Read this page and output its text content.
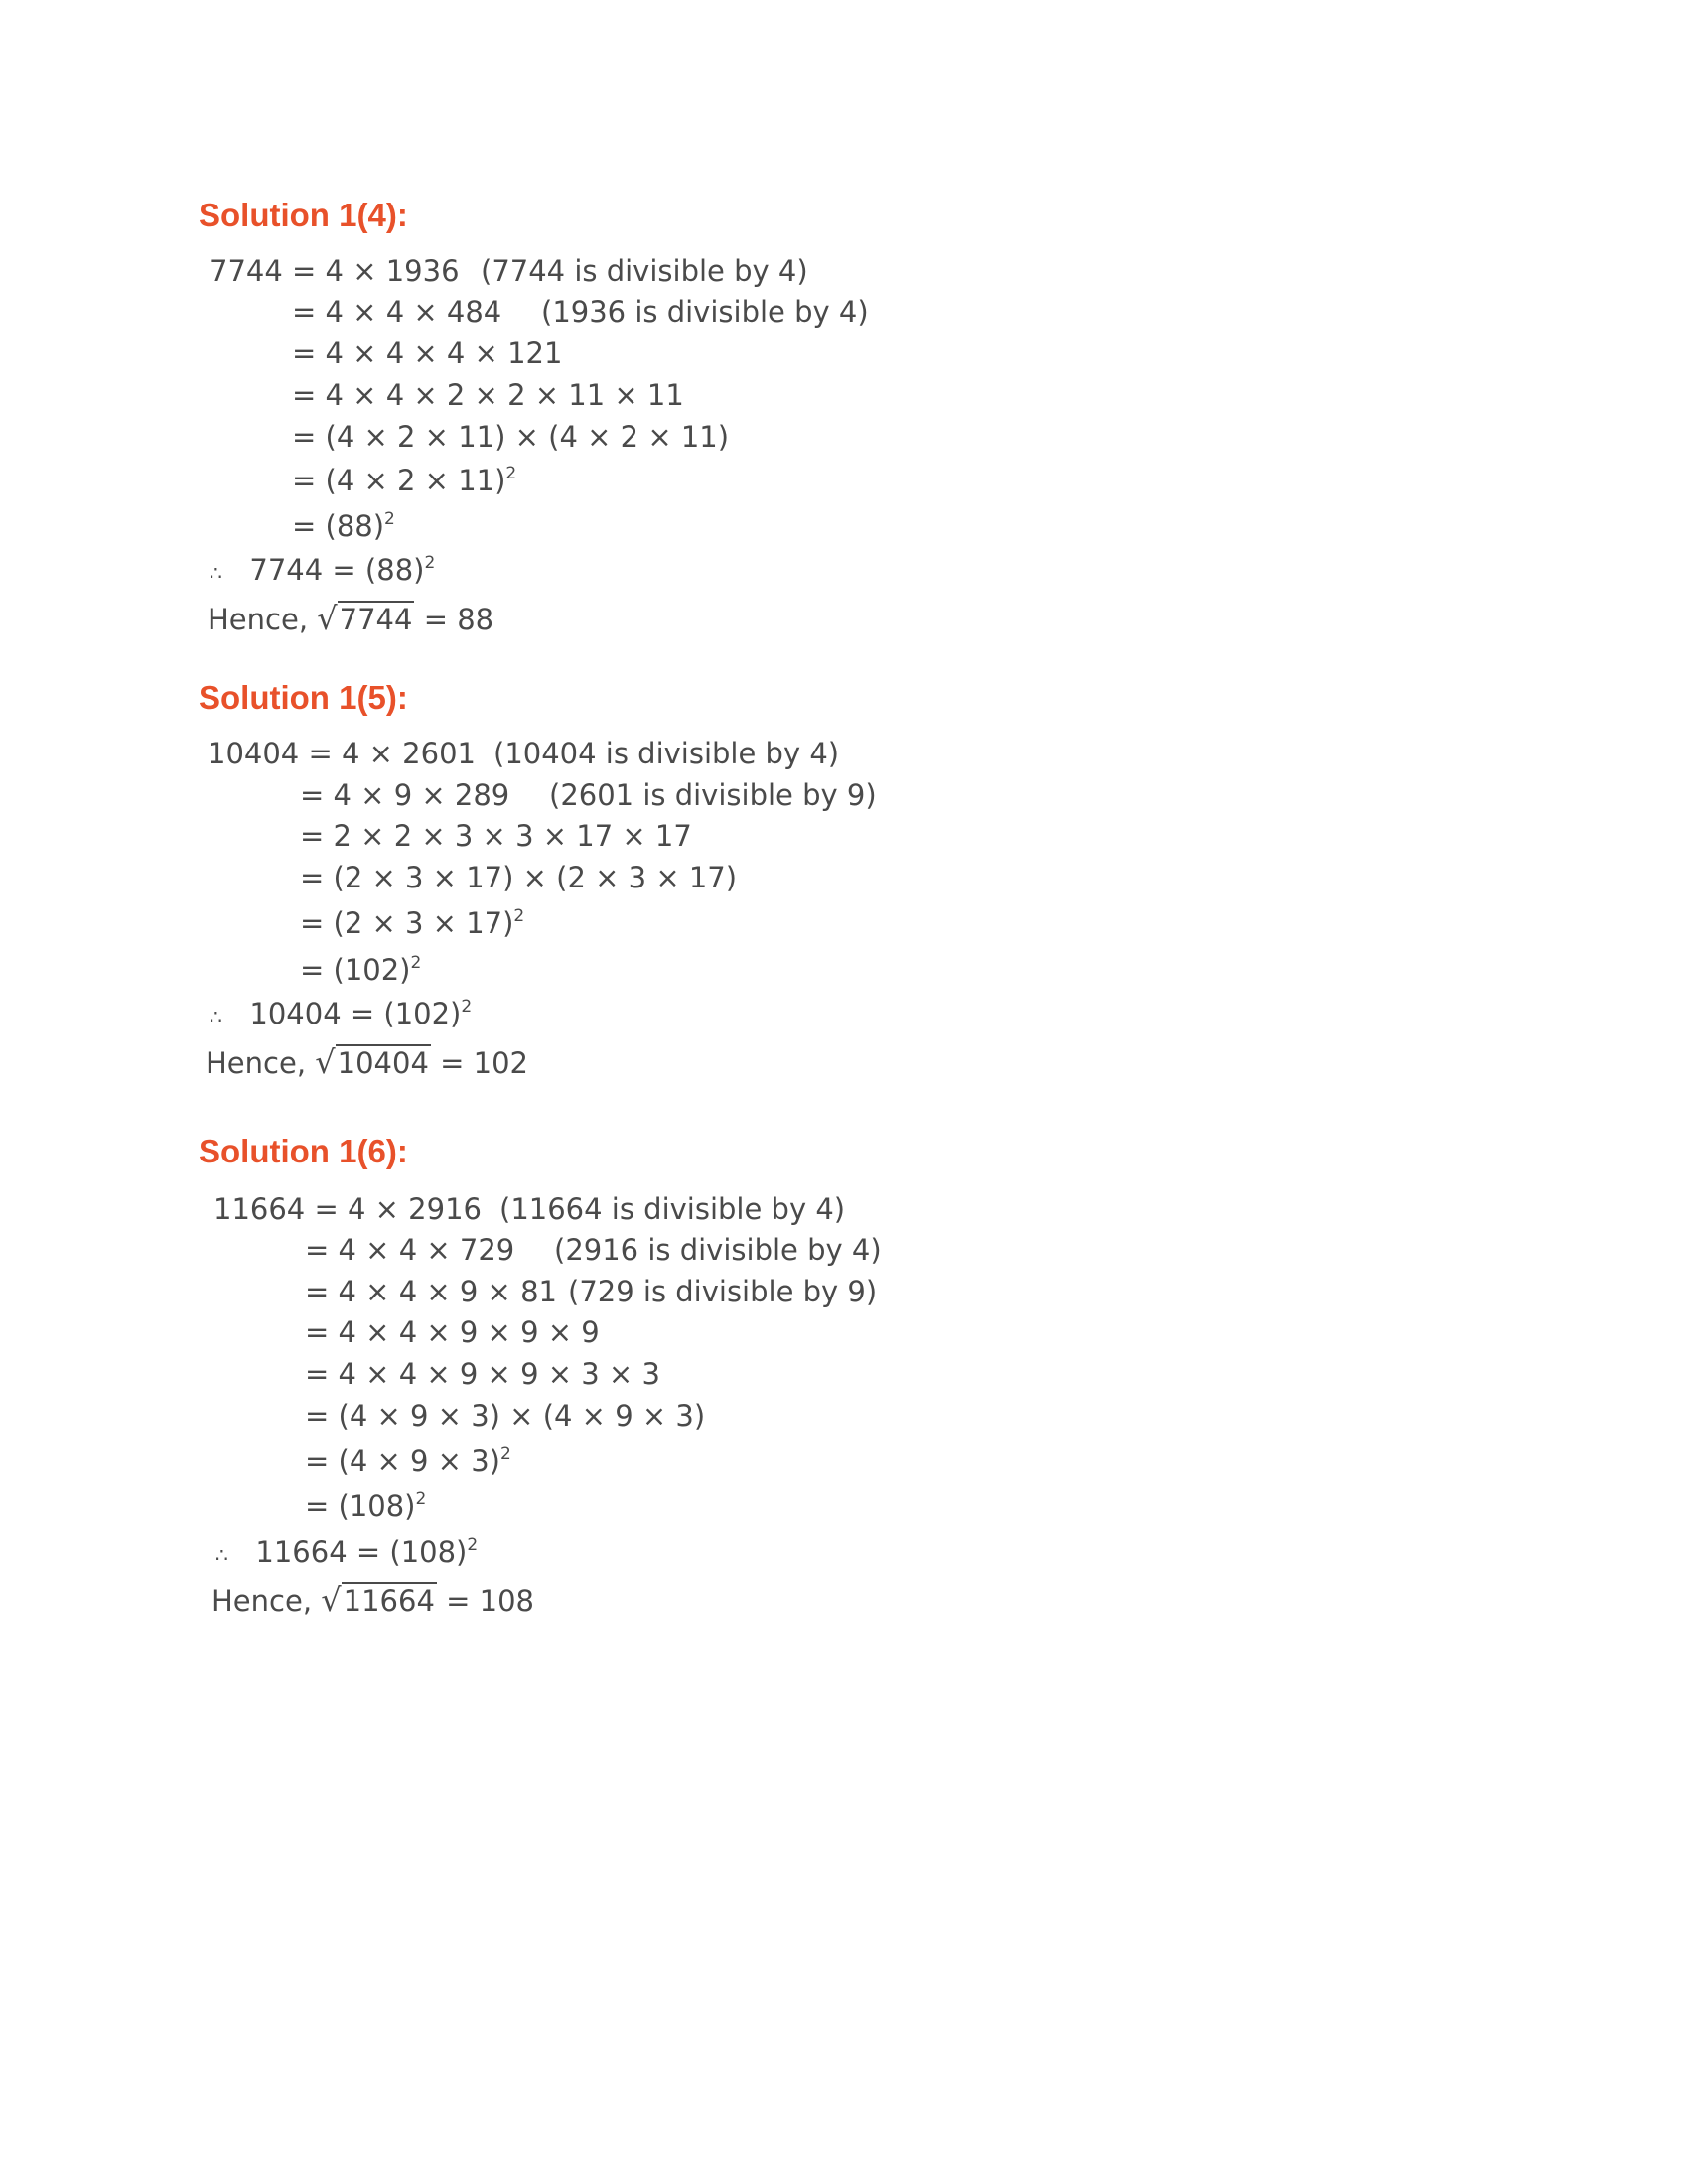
Solution 1(4):

7744 = 4 × 1936

(7744 is divisible by 4)

= 4 × 4 × 484

(1936 is divisible by 4)

= 4 × 4 × 4 × 121

= 4 × 4 × 2 × 2 × 11 × 11

= (4 × 2 × 11) × (4 × 2 × 11)

= $(4 \times 2 \times 11)^2$

= $(88)^2$

∴ $7744 = (88)^2$

Hence, √7744 = 88

Solution 1(5):

10404 = 4 × 2601

(10404 is divisible by 4)

= 4 × 9 × 289

(2601 is divisible by 9)

= 2 × 2 × 3 × 3 × 17 × 17

= (2 × 3 × 17) × (2 × 3 × 17)

= $(2 \times 3 \times 17)^2$

= $(102)^2$

∴ $10404 = (102)^2$

Hence, √10404 = 102

Solution 1(6):

11664 = 4 × 2916

(11664 is divisible by 4)

= 4 × 4 × 729

(2916 is divisible by 4)

= 4 × 4 × 9 × 81

(729 is divisible by 9)

= 4 × 4 × 9 × 9 × 9

= 4 × 4 × 9 × 9 × 3 × 3

= (4 × 9 × 3) × (4 × 9 × 3)

= $(4 \times 9 \times 3)^2$

= $(108)^2$

∴ $11664 = (108)^2$

Hence, √11664 = 108
